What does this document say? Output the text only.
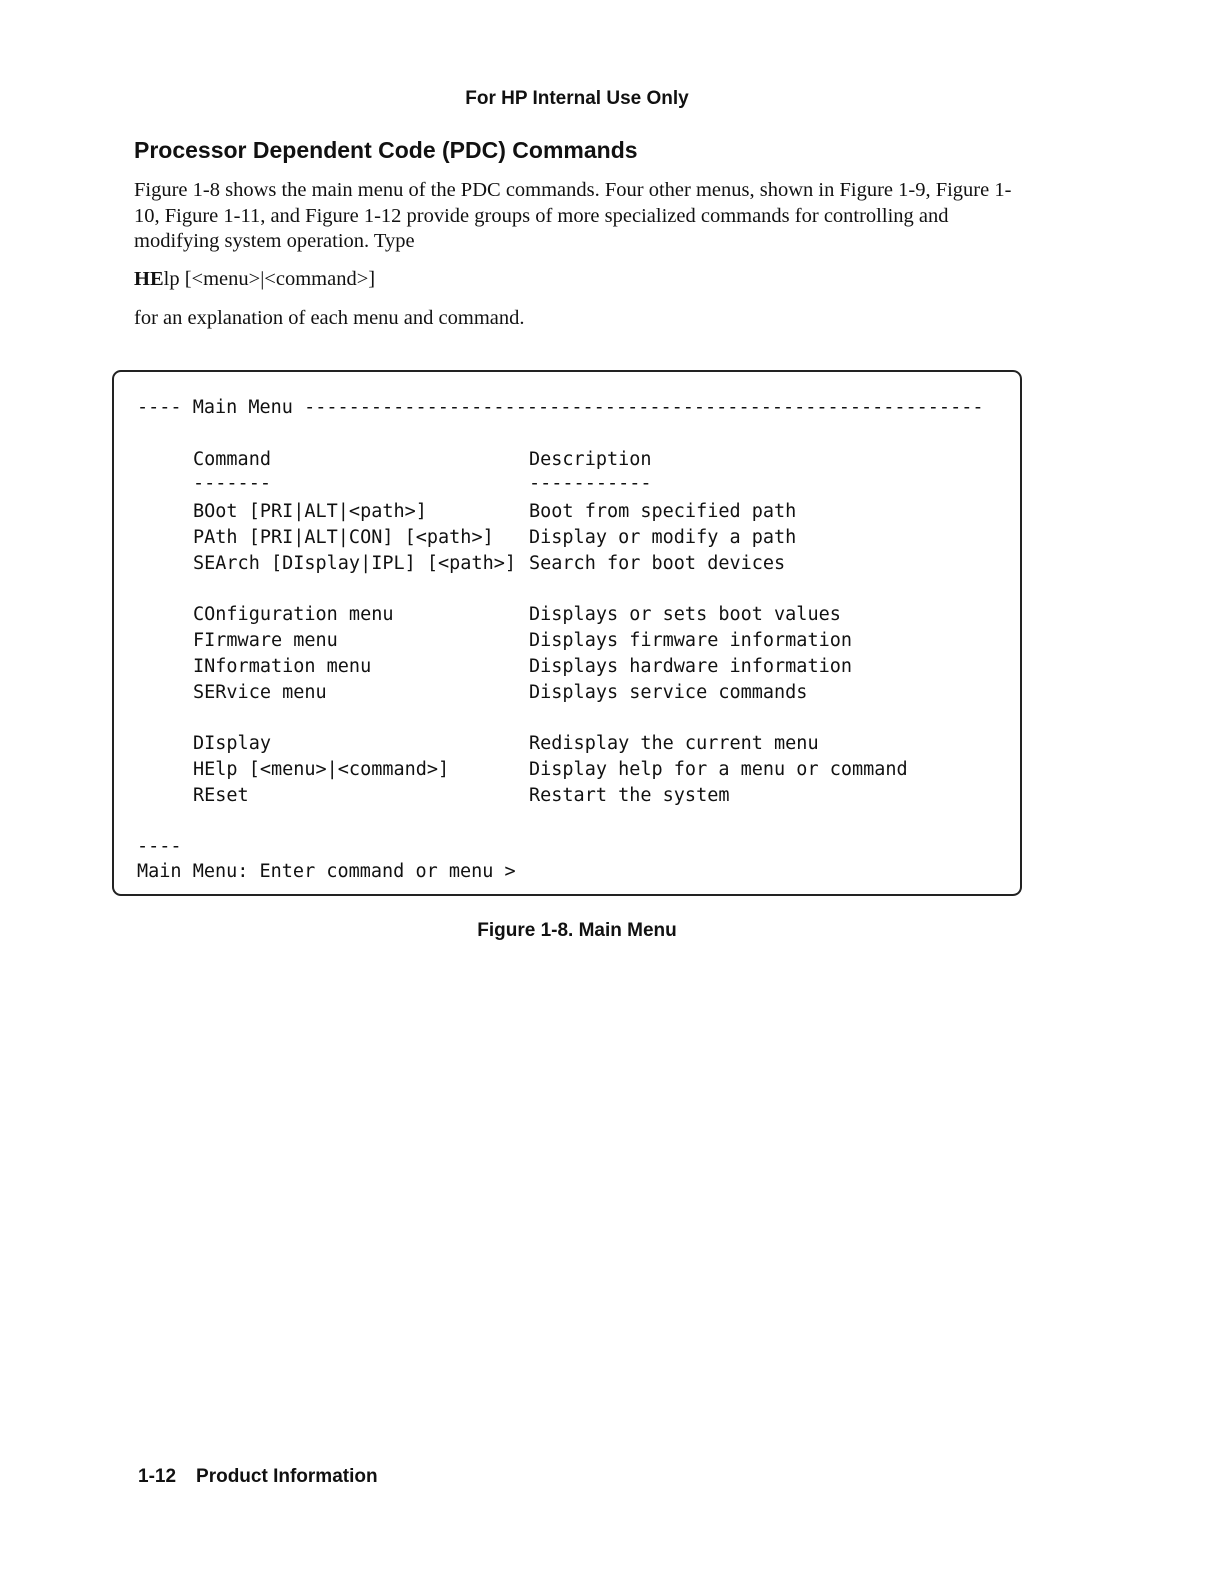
For HP Internal Use Only
Processor Dependent Code (PDC) Commands

Figure 1-8 shows the main menu of the PDC commands. Four other menus, shown in Figure 1-9, Figure 1-10, Figure 1-11, and Figure 1-12 provide groups of more specialized commands for controlling and modifying system operation. Type

HElp [<menu>|<command>]
for an explanation of each menu and command.
---- Main Menu -------------------------------------------------------------
Command	Description
-------	-----------
BOot [PRI|ALT|<path>]	Boot from specified path
PAth [PRI|ALT|CON] [<path>] Display or modify a path
SEArch [DIsplay|IPL] [<path>] Search for boot devices
COnfiguration menu	Displays or sets boot values
FIrmware menu	Displays firmware information
INformation menu	Displays hardware information
SERvice menu	Displays service commands
DIsplay	Redisplay the current menu
HElp [<menu>|<command>]	Display help for a menu or command
REset	Restart the system
----
Main Menu: Enter command or menu >
Figure 1-8. Main Menu
1-12 Product Information
